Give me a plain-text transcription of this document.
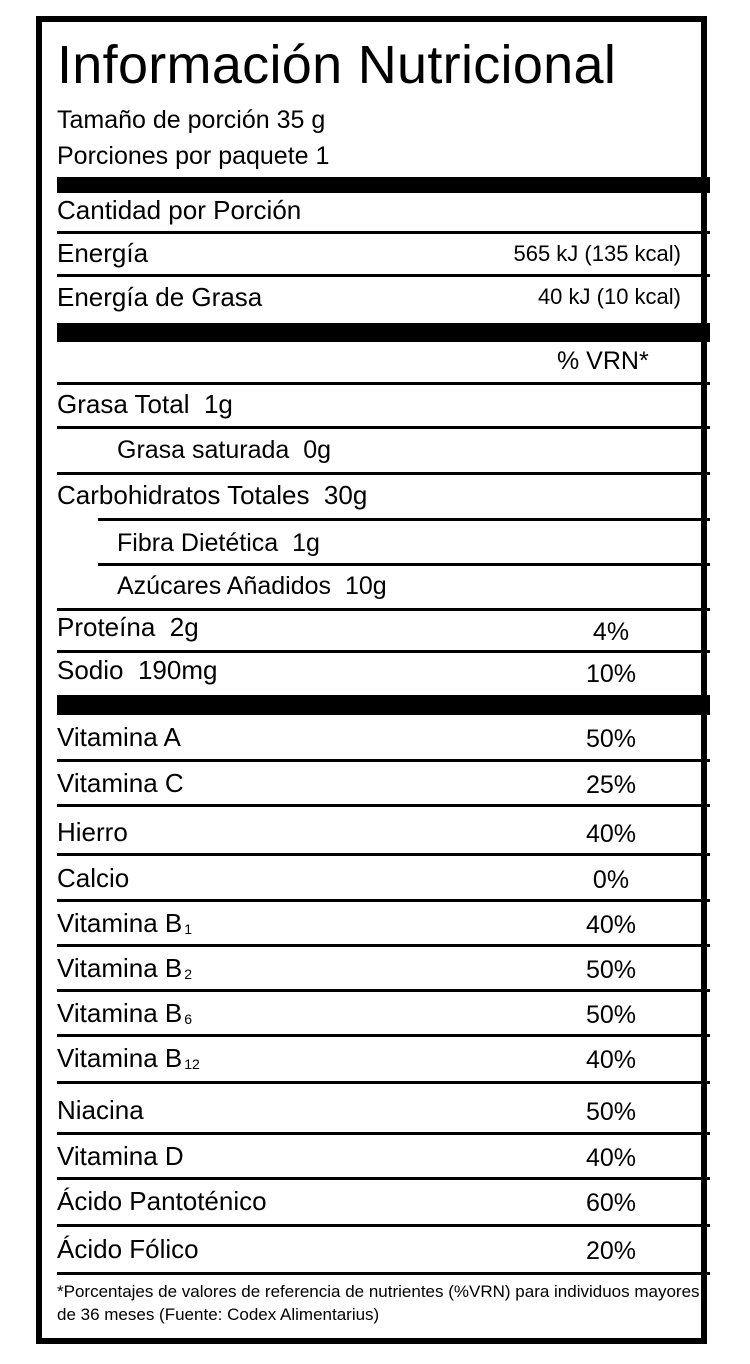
Información Nutricional
Tamaño de porción 35 g
Porciones por paquete 1
Cantidad por Porción
Energía	565 kJ (135 kcal)
Energía de Grasa	40 kJ (10 kcal)
% VRN*
Grasa Total 1g
Grasa saturada 0g
Carbohidratos Totales 30g
Fibra Dietética 1g
Azúcares Añadidos 10g
Proteína 2g	4%
Sodio 190mg	10%
Vitamina A	50%
Vitamina C	25%
Hierro	40%
Calcio	0%
Vitamina B 1	40%
Vitamina B 2	50%
Vitamina B 6	50%
Vitamina B 12	40%
Niacina	50%
Vitamina D	40%
Ácido Pantoténico	60%
Ácido Fólico	20%
*Porcentajes de valores de referencia de nutrientes (%VRN) para individuos mayores de 36 meses (Fuente: Codex Alimentarius)
